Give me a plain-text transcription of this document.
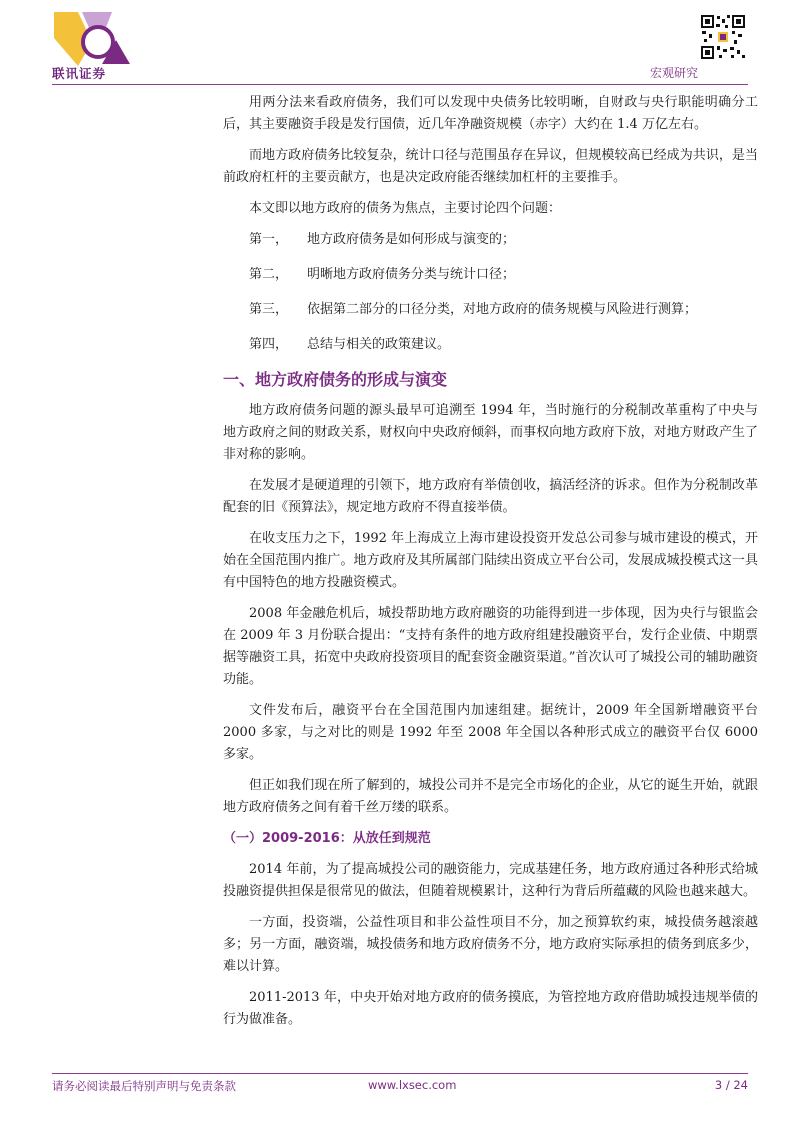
联讯证券	宏观研究

用两分法来看政府债务，我们可以发现中央债务比较明晰，自财政与央行职能明确分工后，其主要融资手段是发行国债，近几年净融资规模（赤字）大约在 1.4 万亿左右。

而地方政府债务比较复杂，统计口径与范围虽存在异议，但规模较高已经成为共识，是当前政府杠杆的主要贡献方，也是决定政府能否继续加杠杆的主要推手。

本文即以地方政府的债务为焦点，主要讨论四个问题：

第一， 地方政府债务是如何形成与演变的；
第二， 明晰地方政府债务分类与统计口径；
第三， 依据第二部分的口径分类，对地方政府的债务规模与风险进行测算；
第四， 总结与相关的政策建议。

一、地方政府债务的形成与演变

地方政府债务问题的源头最早可追溯至 1994 年，当时施行的分税制改革重构了中央与地方政府之间的财政关系，财权向中央政府倾斜，而事权向地方政府下放，对地方财政产生了非对称的影响。

在发展才是硬道理的引领下，地方政府有举债创收，搞活经济的诉求。但作为分税制改革配套的旧《预算法》，规定地方政府不得直接举债。

在收支压力之下，1992 年上海成立上海市建设投资开发总公司参与城市建设的模式，开始在全国范围内推广。地方政府及其所属部门陆续出资成立平台公司，发展成城投模式这一具有中国特色的地方投融资模式。

2008 年金融危机后，城投帮助地方政府融资的功能得到进一步体现，因为央行与银监会在 2009 年 3 月份联合提出：“支持有条件的地方政府组建投融资平台，发行企业债、中期票据等融资工具，拓宽中央政府投资项目的配套资金融资渠道。”首次认可了城投公司的辅助融资功能。

文件发布后，融资平台在全国范围内加速组建。据统计，2009 年全国新增融资平台 2000 多家，与之对比的则是 1992 年至 2008 年全国以各种形式成立的融资平台仅 6000 多家。

但正如我们现在所了解到的，城投公司并不是完全市场化的企业，从它的诞生开始，就跟地方政府债务之间有着千丝万缕的联系。

（一）2009-2016：从放任到规范

2014 年前，为了提高城投公司的融资能力，完成基建任务，地方政府通过各种形式给城投融资提供担保是很常见的做法，但随着规模累计，这种行为背后所蕴藏的风险也越来越大。

一方面，投资端，公益性项目和非公益性项目不分，加之预算软约束，城投债务越滚越多；另一方面，融资端，城投债务和地方政府债务不分，地方政府实际承担的债务到底多少，难以计算。

2011-2013 年，中央开始对地方政府的债务摸底，为管控地方政府借助城投违规举债的行为做准备。

请务必阅读最后特别声明与免责条款	www.lxsec.com	3 / 24
